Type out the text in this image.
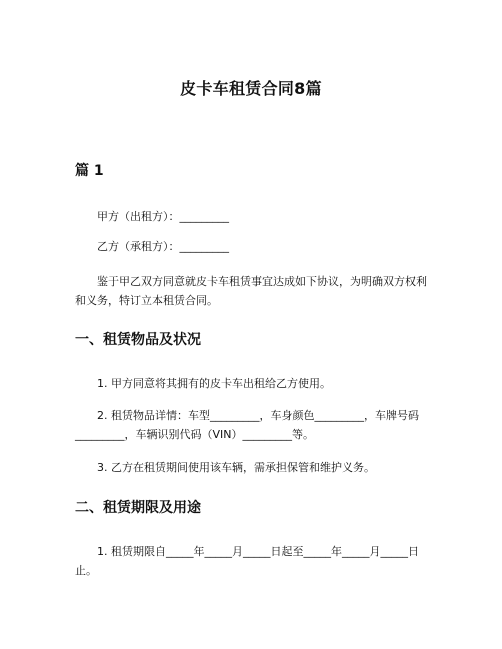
皮卡车租赁合同8篇
篇 1

甲方（出租方）：_________

乙方（承租方）：_________

鉴于甲乙双方同意就皮卡车租赁事宜达成如下协议，为明确双方权利和义务，特订立本租赁合同。

一、租赁物品及状况

1. 甲方同意将其拥有的皮卡车出租给乙方使用。

2. 租赁物品详情：车型_________，车身颜色_________，车牌号码_________，车辆识别代码（VIN）_________等。

3. 乙方在租赁期间使用该车辆，需承担保管和维护义务。

二、租赁期限及用途

1. 租赁期限自_____年_____月_____日起至_____年_____月_____日止。
